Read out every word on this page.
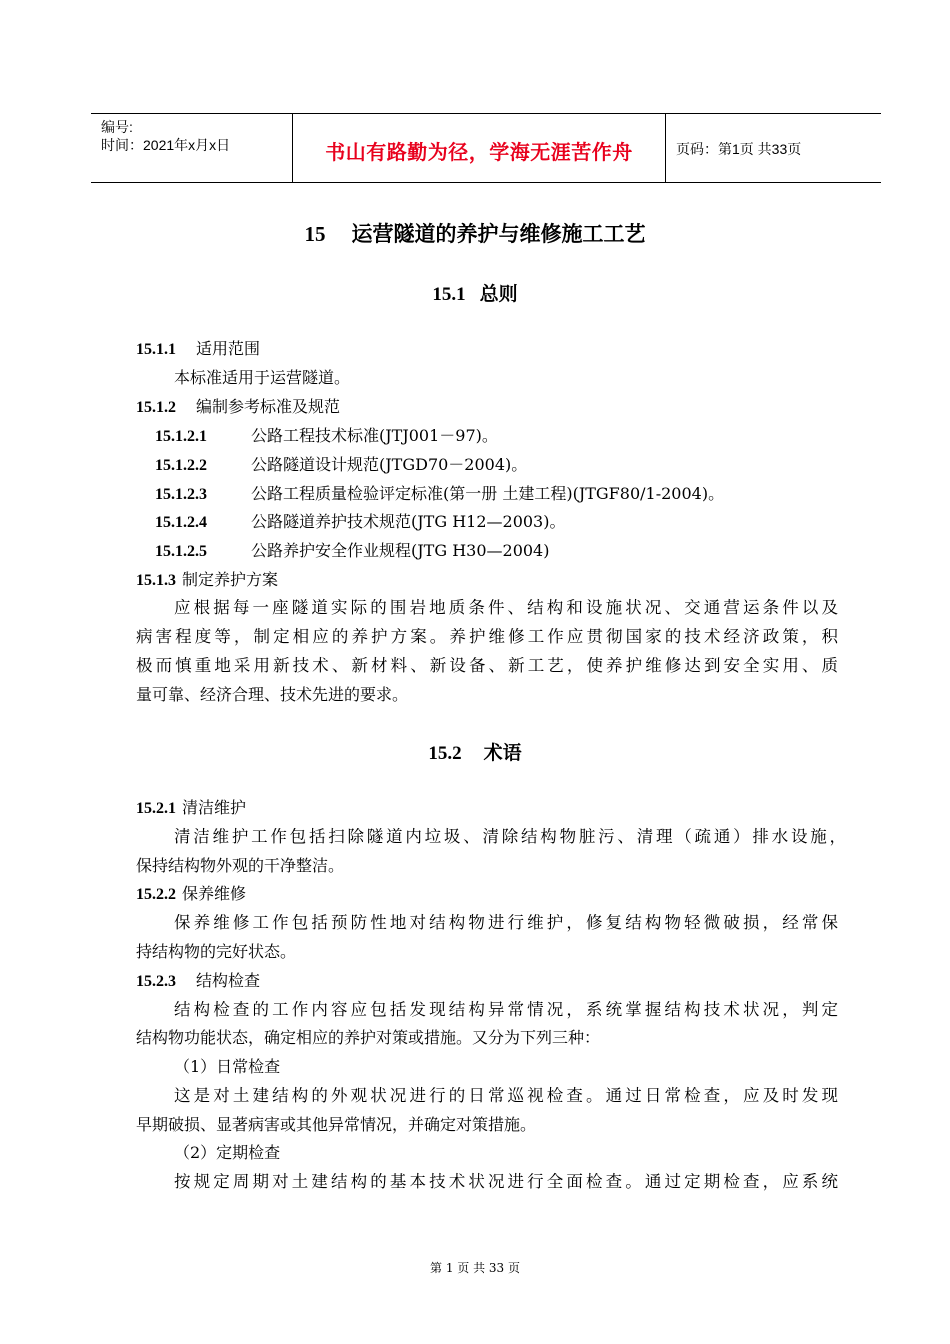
编号:
时间：2021年x月x日	书山有路勤为径，学海无涯苦作舟	页码：第1页 共33页
15 运营隧道的养护与维修施工工艺
15.1 总则
15.1.1 适用范围
本标准适用于运营隧道。
15.1.2 编制参考标准及规范
15.1.2.1	公路工程技术标准(JTJ001－97)。
15.1.2.2	公路隧道设计规范(JTGD70－2004)。
15.1.2.3	公路工程质量检验评定标准(第一册 土建工程)(JTGF80/1-2004)。
15.1.2.4	公路隧道养护技术规范(JTG H12—2003)。
15.1.2.5	公路养护安全作业规程(JTG H30—2004)
15.1.3 制定养护方案
应根据每一座隧道实际的围岩地质条件、结构和设施状况、交通营运条件以及
病害程度等，制定相应的养护方案。养护维修工作应贯彻国家的技术经济政策，积
极而慎重地采用新技术、新材料、新设备、新工艺，使养护维修达到安全实用、质
量可靠、经济合理、技术先进的要求。
15.2 术语
15.2.1 清洁维护
清洁维护工作包括扫除隧道内垃圾、清除结构物脏污、清理（疏通）排水设施，
保持结构物外观的干净整洁。
15.2.2 保养维修
保养维修工作包括预防性地对结构物进行维护，修复结构物轻微破损，经常保
持结构物的完好状态。
15.2.3 结构检查
结构检查的工作内容应包括发现结构异常情况，系统掌握结构技术状况，判定
结构物功能状态，确定相应的养护对策或措施。又分为下列三种：
（1）日常检查
这是对土建结构的外观状况进行的日常巡视检查。通过日常检查，应及时发现
早期破损、显著病害或其他异常情况，并确定对策措施。
（2）定期检查
按规定周期对土建结构的基本技术状况进行全面检查。通过定期检查，应系统
第 1 页 共 33 页
